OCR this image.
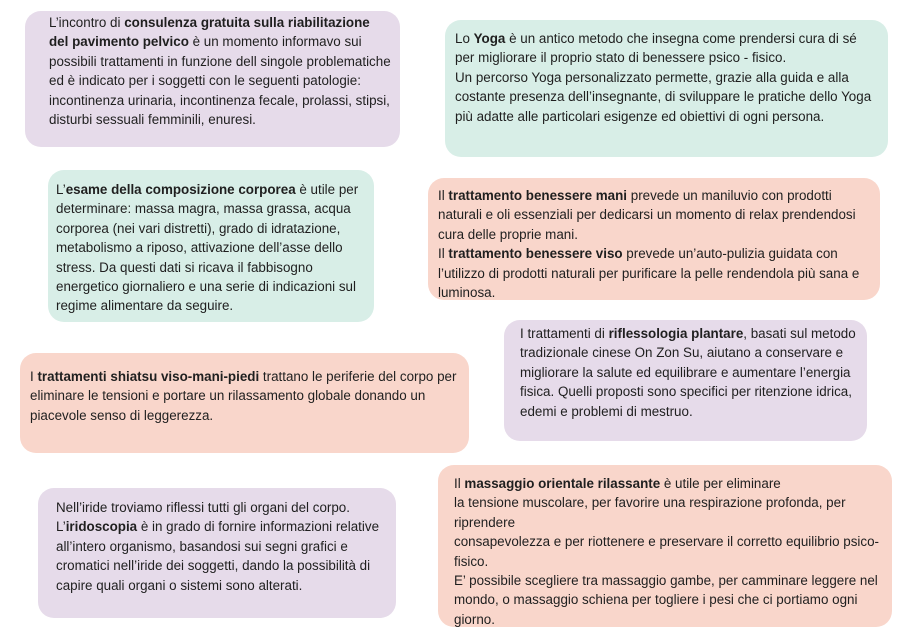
L’incontro di consulenza gratuita sulla riabilitazione del pavimento pelvico è un momento informavo sui possibili trattamenti in funzione dell singole problematiche ed è indicato per i soggetti con le seguenti patologie: incontinenza urinaria, incontinenza fecale, prolassi, stipsi, disturbi sessuali femminili, enuresi.

Lo Yoga è un antico metodo che insegna come prendersi cura di sé per migliorare il proprio stato di benessere psico - fisico.

Un percorso Yoga personalizzato permette, grazie alla guida e alla costante presenza dell’insegnante, di sviluppare le pratiche dello Yoga più adatte alle particolari esigenze ed obiettivi di ogni persona.

L’esame della composizione corporea è utile per determinare: massa magra, massa grassa, acqua corporea (nei vari distretti), grado di idratazione, metabolismo a riposo, attivazione dell’asse dello stress. Da questi dati si ricava il fabbisogno energetico giornaliero e una serie di indicazioni sul regime alimentare da seguire.

Il trattamento benessere mani prevede un maniluvio con prodotti naturali e oli essenziali per dedicarsi un momento di relax prendendosi cura delle proprie mani.

Il trattamento benessere viso prevede un’auto-pulizia guidata con l’utilizzo di prodotti naturali per purificare la pelle rendendola più sana e luminosa.

I trattamenti shiatsu viso-mani-piedi trattano le periferie del corpo per eliminare le tensioni e portare un rilassamento globale donando un piacevole senso di leggerezza.

I trattamenti di riflessologia plantare, basati sul metodo tradizionale cinese On Zon Su, aiutano a conservare e migliorare la salute ed equilibrare e aumentare l’energia fisica. Quelli proposti sono specifici per ritenzione idrica, edemi e problemi di mestruo.

Nell’iride troviamo riflessi tutti gli organi del corpo.

L’iridoscopia è in grado di fornire informazioni relative all’intero organismo, basandosi sui segni grafici e cromatici nell’iride dei soggetti, dando la possibilità di capire quali organi o sistemi sono alterati.

Il massaggio orientale rilassante è utile per eliminare

la tensione muscolare, per favorire una respirazione profonda, per riprendere

consapevolezza e per riottenere e preservare il corretto equilibrio psico-fisico.

E’ possibile scegliere tra massaggio gambe, per camminare leggere nel mondo, o massaggio schiena per togliere i pesi che ci portiamo ogni giorno.
